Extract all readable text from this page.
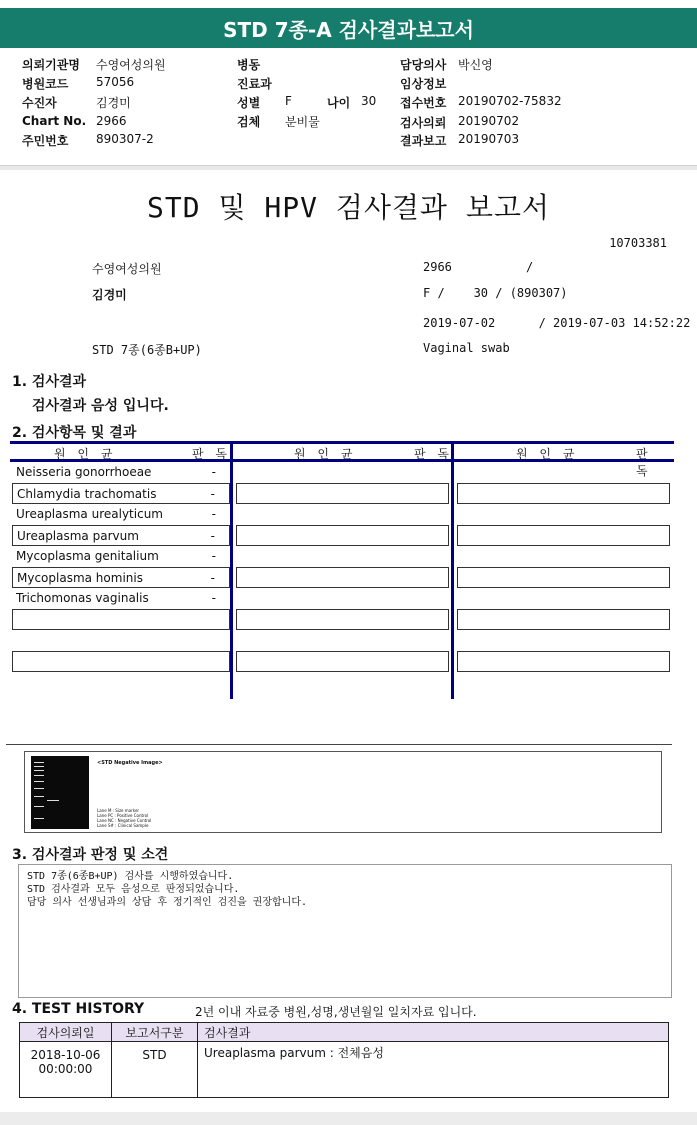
STD 7종-A 검사결과보고서
의뢰기관명 수영여성의원
병원코드 57056
수진자	김경미
Chart No. 2966
주민번호 890307-2
병동
진료과
성별 F	나이 30
검체 분비물
담당의사 박신영
임상정보
접수번호 20190702-75832
검사의뢰 20190702
결과보고 20190703
STD 및 HPV 검사결과 보고서
10703381
수영여성의원	2966	/
김경미	F /    30 / (890307)
2019-07-02      / 2019-07-03 14:52:22
STD 7종(6종B+UP)	Vaginal swab
1. 검사결과
검사결과 음성 입니다.
2. 검사항목 및 결과
원 인 균	판 독	원 인 균	판 독	원 인 균	판 독
Neisseria gonorrhoeae	-
Chlamydia trachomatis	-
Ureaplasma urealyticum	-
Ureaplasma parvum	-
Mycoplasma genitalium	-
Mycoplasma hominis	-
Trichomonas vaginalis	-
<STD Negative Image>
Lane M : Size marker
Lane PC : Positive Control
Lane NC : Negative Control
Lane S# : Clinical Sample
3. 검사결과 판정 및 소견
STD 7종(6종B+UP) 검사를 시행하였습니다.
STD 검사결과 모두 음성으로 판정되었습니다.
담당 의사 선생님과의 상담 후 정기적인 검진을 권장합니다.
4. TEST HISTORY	2년 이내 자료중 병원,성명,생년월일 일치자료 입니다.
검사의뢰일	보고서구분	검사결과

2018-10-06
00:00:00	STD	Ureaplasma parvum : 전체음성
